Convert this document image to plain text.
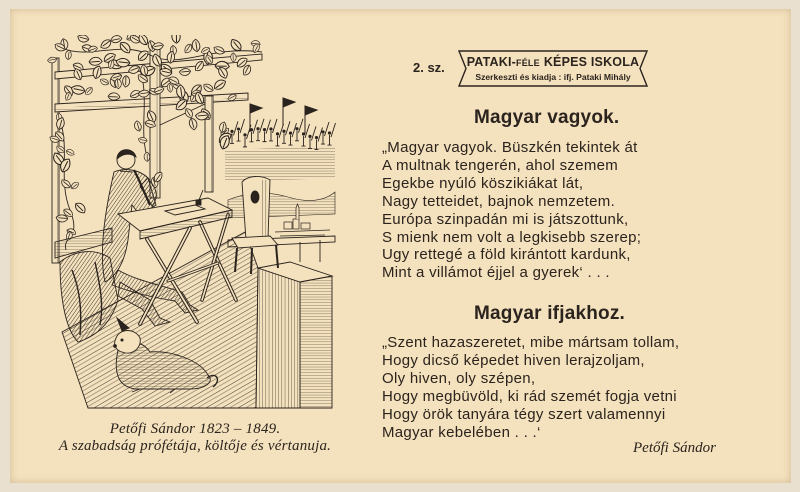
Petőfi Sándor 1823 – 1849.
A szabadság prófétája, költője és vértanuja.
2. sz.	PATAKI-FÉLE KÉPES ISKOLA
Szerkeszti és kiadja : ifj. Pataki Mihály
Magyar vagyok.
„Magyar vagyok. Büszkén tekintek át
A multnak tengerén, ahol szemem
Egekbe nyúló köszikiákat lát,
Nagy tetteidet, bajnok nemzetem.
Európa szinpadán mi is játszottunk,
S mienk nem volt a legkisebb szerep;
Ugy rettegé a föld kirántott kardunk,
Mint a villámot éjjel a gyerek‘ . . .
Magyar ifjakhoz.
„Szent hazaszeretet, mibe mártsam tollam,
Hogy dicső képedet hiven lerajzoljam,
Oly hiven, oly szépen,
Hogy megbüvöld, ki rád szemét fogja vetni
Hogy örök tanyára tégy szert valamennyi
Magyar kebelében . . .‘
Petőfi Sándor
